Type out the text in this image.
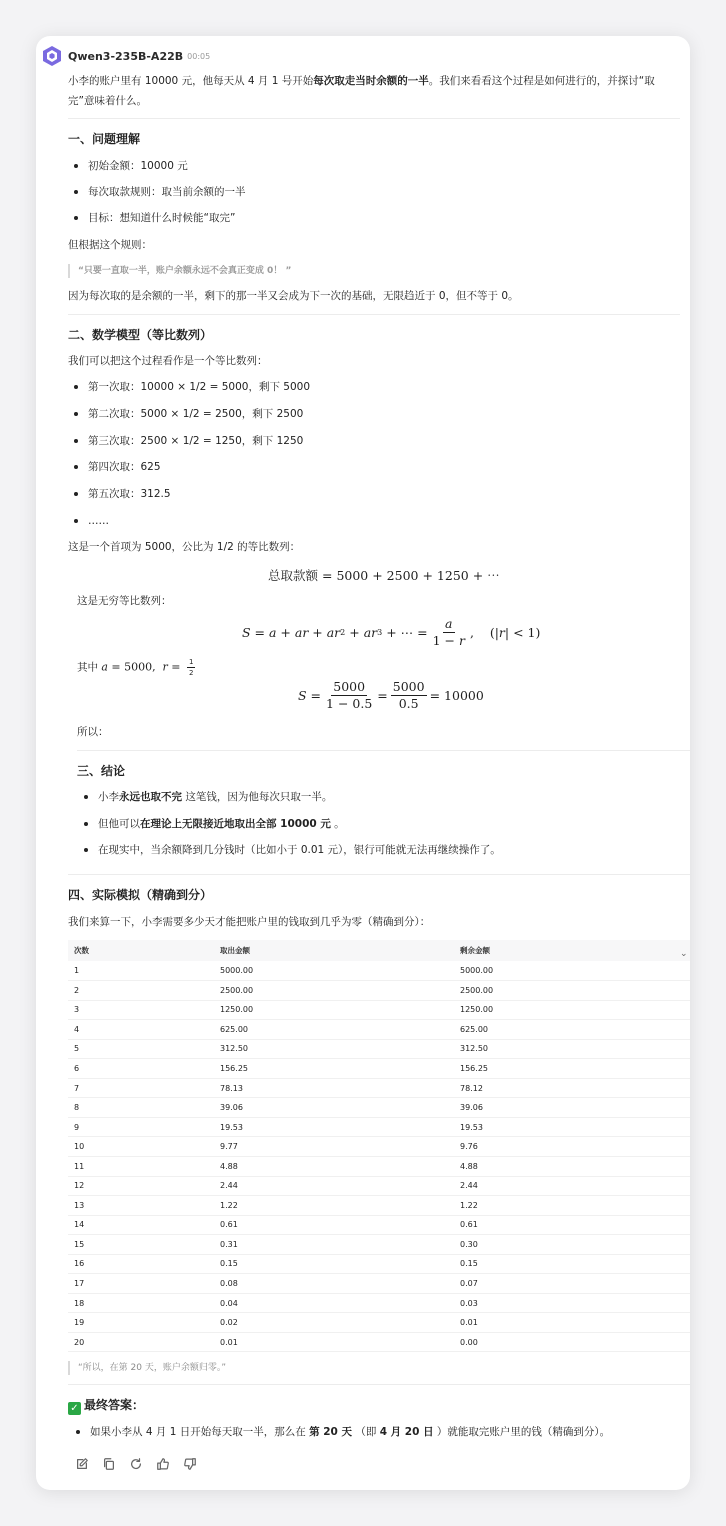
Qwen3-235B-A22B 00:05
小李的账户里有 10000 元，他每天从 4 月 1 号开始每次取走当时余额的一半。我们来看看这个过程是如何进行的，并探讨“取
完”意味着什么。
一、问题理解
初始金额：10000 元
每次取款规则：取当前余额的一半
目标：想知道什么时候能“取完”
但根据这个规则：
“只要一直取一半，账户余额永远不会真正变成 0！ ”
因为每次取的是余额的一半，剩下的那一半又会成为下一次的基础，无限趋近于 0，但不等于 0。
二、数学模型（等比数列）
我们可以把这个过程看作是一个等比数列：
第一次取：10000 × 1/2 = 5000，剩下 5000
第二次取：5000 × 1/2 = 2500，剩下 2500
第三次取：2500 × 1/2 = 1250，剩下 1250
第四次取：625
第五次取：312.5
……
这是一个首项为 5000，公比为 1/2 的等比数列：
总取款额 = 5000 + 2500 + 1250 + ⋯
这是无穷等比数列：
S = a + ar + ar 2 + ar 3 + ⋯ = $\frac{a}{1 - r}$ ,    (| r | < 1)
其中 a = 5000,  $r = \frac{1}{2}$
$S = \frac{5000}{1 - 0.5} = \frac{5000}{0.5} = 10000$
所以：
三、结论
小李永远也取不完 这笔钱，因为他每次只取一半。
但他可以在理论上无限接近地取出全部 10000 元 。
在现实中，当余额降到几分钱时（比如小于 0.01 元），银行可能就无法再继续操作了。
四、实际模拟（精确到分）
我们来算一下，小李需要多少天才能把账户里的钱取到几乎为零（精确到分）：
次数	取出金额	剩余金额
1	5000.00	5000.00
2	2500.00	2500.00
3	1250.00	1250.00
4	625.00	625.00
5	312.50	312.50
6	156.25	156.25
7	78.13	78.12
8	39.06	39.06
9	19.53	19.53
10	9.77	9.76
11	4.88	4.88
12	2.44	2.44
13	1.22	1.22
14	0.61	0.61
15	0.31	0.30
16	0.15	0.15
17	0.08	0.07
18	0.04	0.03
19	0.02	0.01
20	0.01	0.00
⌄
“所以，在第 20 天，账户余额归零。”
✓ 最终答案：
如果小李从 4 月 1 日开始每天取一半，那么在 第 20 天 （即 4 月 20 日 ）就能取完账户里的钱（精确到分）。
